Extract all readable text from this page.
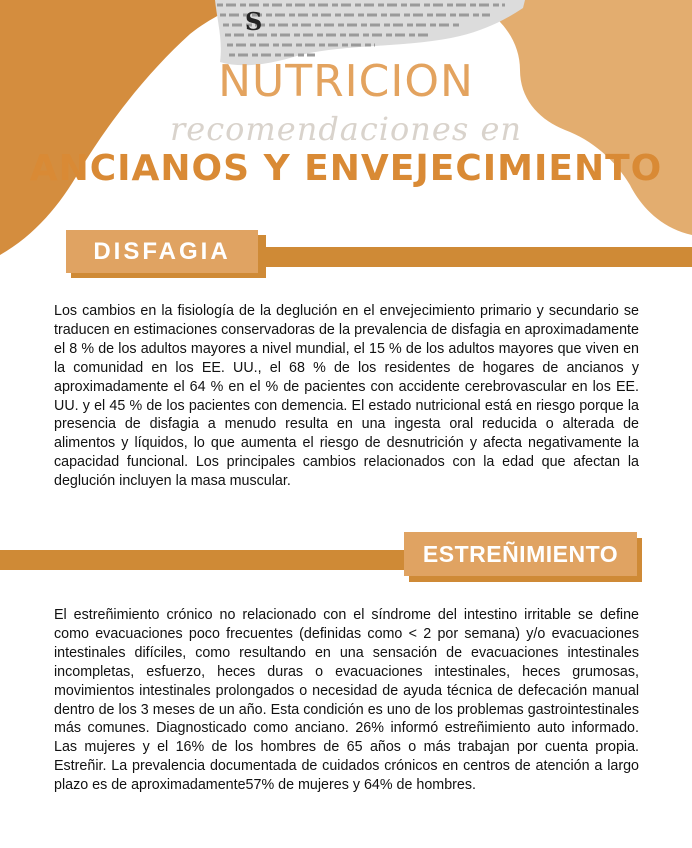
S
NUTRICION
recomendaciones en
ANCIANOS Y ENVEJECIMIENTO
DISFAGIA

Los cambios en la fisiología de la deglución en el envejecimiento primario y secundario se traducen en estimaciones conservadoras de la prevalencia de disfagia en aproximadamente el 8 % de los adultos mayores a nivel mundial, el 15 % de los adultos mayores que viven en la comunidad en los EE. UU., el 68 % de los residentes de hogares de ancianos y aproximadamente el 64 % en el % de pacientes con accidente cerebrovascular en los EE. UU. y el 45 % de los pacientes con demencia. El estado nutricional está en riesgo porque la presencia de disfagia a menudo resulta en una ingesta oral reducida o alterada de alimentos y líquidos, lo que aumenta el riesgo de desnutrición y afecta negativamente la capacidad funcional. Los principales cambios relacionados con la edad que afectan la deglución incluyen la masa muscular.

ESTREÑIMIENTO

El estreñimiento crónico no relacionado con el síndrome del intestino irritable se define como evacuaciones poco frecuentes (definidas como < 2 por semana) y/o evacuaciones intestinales difíciles, como resultando en una sensación de evacuaciones intestinales incompletas, esfuerzo, heces duras o evacuaciones intestinales, heces grumosas, movimientos intestinales prolongados o necesidad de ayuda técnica de defecación manual dentro de los 3 meses de un año. Esta condición es uno de los problemas gastrointestinales más comunes. Diagnosticado como anciano. 26% informó estreñimiento auto informado. Las mujeres y el 16% de los hombres de 65 años o más trabajan por cuenta propia. Estreñir. La prevalencia documentada de cuidados crónicos en centros de atención a largo plazo es de aproximadamente57% de mujeres y 64% de hombres.
